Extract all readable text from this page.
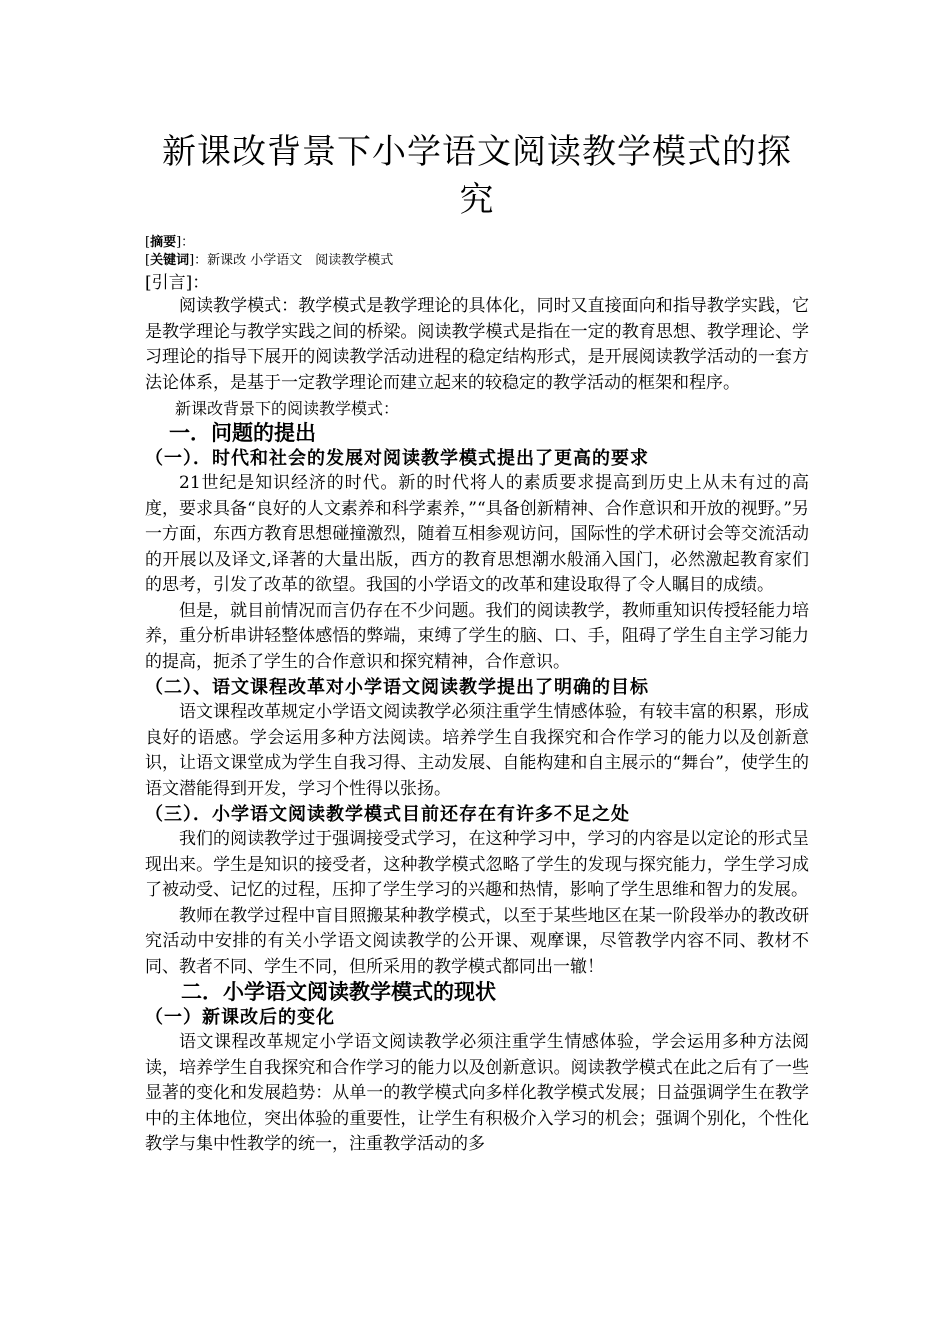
新课改背景下小学语文阅读教学模式的探究
[摘要]：
[关键词]：新课改 小学语文　阅读教学模式
[引言]：

阅读教学模式：教学模式是教学理论的具体化，同时又直接面向和指导教学实践，它是教学理论与教学实践之间的桥梁。阅读教学模式是指在一定的教育思想、教学理论、学习理论的指导下展开的阅读教学活动进程的稳定结构形式，是开展阅读教学活动的一套方法论体系，是基于一定教学理论而建立起来的较稳定的教学活动的框架和程序。

新课改背景下的阅读教学模式：
一．问题的提出
（一）．时代和社会的发展对阅读教学模式提出了更高的要求

21世纪是知识经济的时代。新的时代将人的素质要求提高到历史上从未有过的高度，要求具备“良好的人文素养和科学素养，”“具备创新精神、合作意识和开放的视野。”另一方面，东西方教育思想碰撞激烈，随着互相参观访问，国际性的学术研讨会等交流活动的开展以及译文,译著的大量出版，西方的教育思想潮水般涌入国门，必然激起教育家们的思考，引发了改革的欲望。我国的小学语文的改革和建设取得了令人瞩目的成绩。

但是，就目前情况而言仍存在不少问题。我们的阅读教学，教师重知识传授轻能力培养，重分析串讲轻整体感悟的弊端，束缚了学生的脑、口、手，阻碍了学生自主学习能力的提高，扼杀了学生的合作意识和探究精神，合作意识。

（二）、语文课程改革对小学语文阅读教学提出了明确的目标

语文课程改革规定小学语文阅读教学必须注重学生情感体验，有较丰富的积累，形成良好的语感。学会运用多种方法阅读。培养学生自我探究和合作学习的能力以及创新意识，让语文课堂成为学生自我习得、主动发展、自能构建和自主展示的“舞台”，使学生的语文潜能得到开发，学习个性得以张扬。

（三）．小学语文阅读教学模式目前还存在有许多不足之处

我们的阅读教学过于强调接受式学习，在这种学习中，学习的内容是以定论的形式呈现出来。学生是知识的接受者，这种教学模式忽略了学生的发现与探究能力，学生学习成了被动受、记忆的过程，压抑了学生学习的兴趣和热情，影响了学生思维和智力的发展。

教师在教学过程中盲目照搬某种教学模式，以至于某些地区在某一阶段举办的教改研究活动中安排的有关小学语文阅读教学的公开课、观摩课，尽管教学内容不同、教材不同、教者不同、学生不同，但所采用的教学模式都同出一辙！

二．小学语文阅读教学模式的现状
（一）新课改后的变化

语文课程改革规定小学语文阅读教学必须注重学生情感体验，学会运用多种方法阅读，培养学生自我探究和合作学习的能力以及创新意识。阅读教学模式在此之后有了一些显著的变化和发展趋势：从单一的教学模式向多样化教学模式发展；日益强调学生在教学中的主体地位，突出体验的重要性，让学生有积极介入学习的机会；强调个别化，个性化教学与集中性教学的统一，注重教学活动的多
